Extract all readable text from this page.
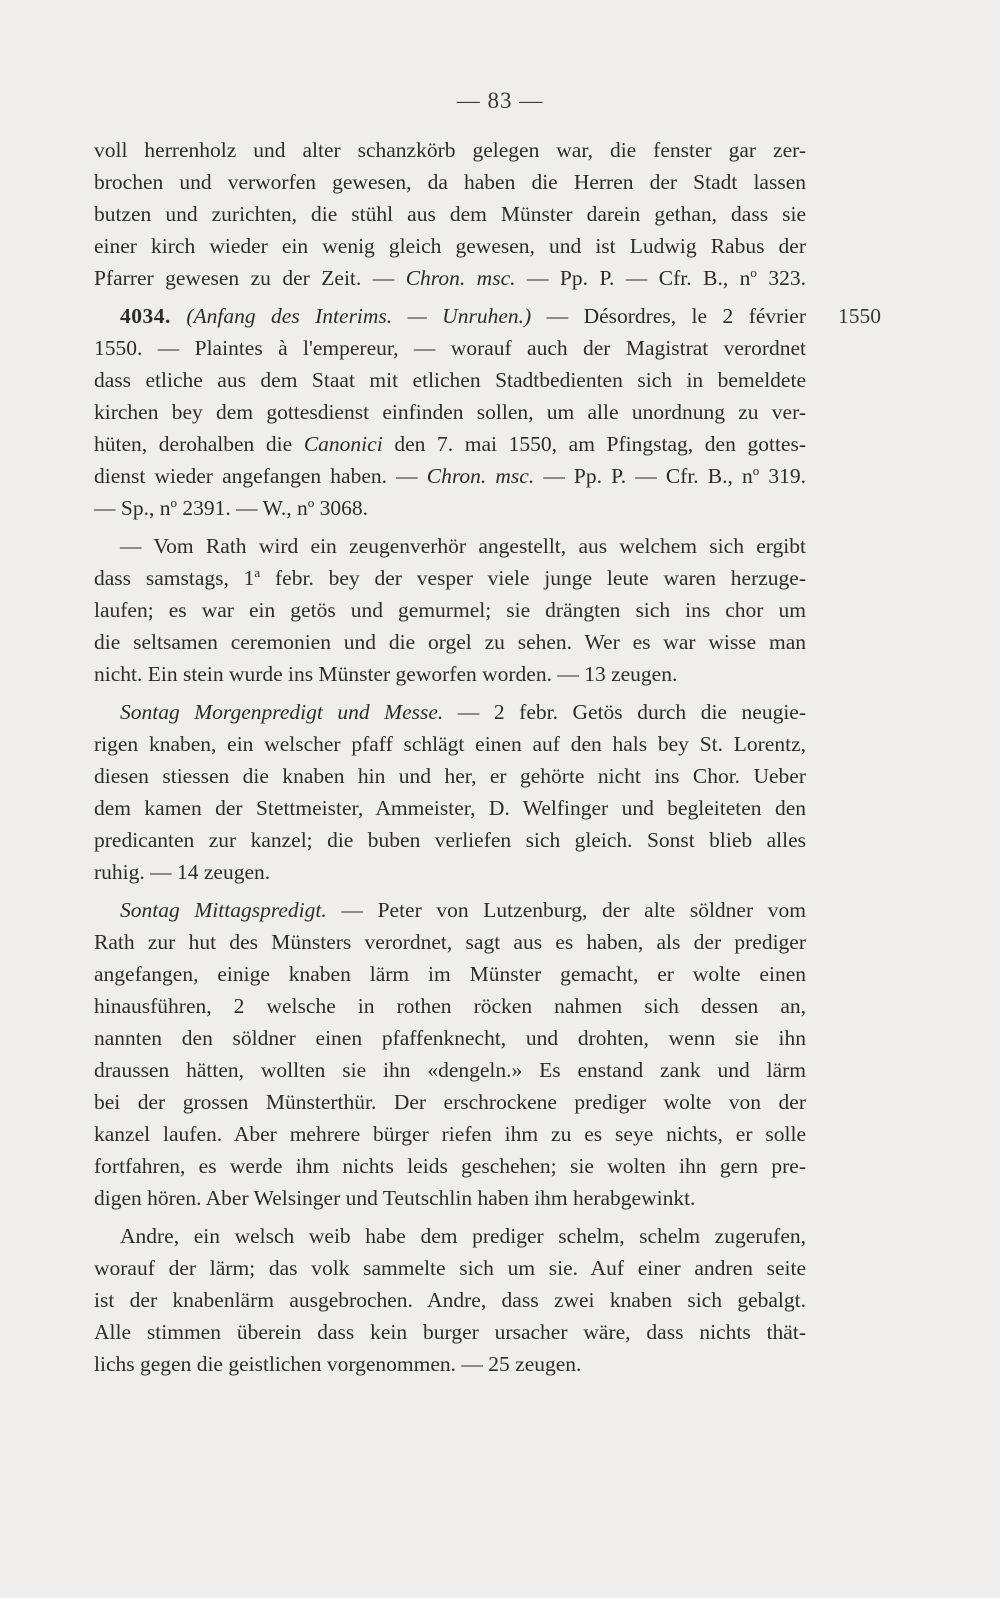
— 83 —
1550
voll herrenholz und alter schanzkörb gelegen war, die fenster gar zer-
brochen und verworfen gewesen, da haben die Herren der Stadt lassen
butzen und zurichten, die stühl aus dem Münster darein gethan, dass sie
einer kirch wieder ein wenig gleich gewesen, und ist Ludwig Rabus der
Pfarrer gewesen zu der Zeit. — Chron. msc. — Pp. P. — Cfr. B., $n^o$ 323.
4034. (Anfang des Interims. — Unruhen.) — Désordres, le 2 février
1550. — Plaintes à l'empereur, — worauf auch der Magistrat verordnet
dass etliche aus dem Staat mit etlichen Stadtbedienten sich in bemeldete
kirchen bey dem gottesdienst einfinden sollen, um alle unordnung zu ver-
hüten, derohalben die Canonici den 7. mai 1550, am Pfingstag, den gottes-
dienst wieder angefangen haben. — Chron. msc. — Pp. P. — Cfr. B., $n^o$ 319.
— Sp., $n^o$ 2391. — W., $n^o$ 3068.
— Vom Rath wird ein zeugenverhör angestellt, aus welchem sich ergibt
dass samstags, 1$^a$ febr. bey der vesper viele junge leute waren herzuge-
laufen; es war ein getös und gemurmel; sie drängten sich ins chor um
die seltsamen ceremonien und die orgel zu sehen. Wer es war wisse man
nicht. Ein stein wurde ins Münster geworfen worden. — 13 zeugen.
Sontag Morgenpredigt und Messe. — 2 febr. Getös durch die neugie-
rigen knaben, ein welscher pfaff schlägt einen auf den hals bey St. Lorentz,
diesen stiessen die knaben hin und her, er gehörte nicht ins Chor. Ueber
dem kamen der Stettmeister, Ammeister, D. Welfinger und begleiteten den
predicanten zur kanzel; die buben verliefen sich gleich. Sonst blieb alles
ruhig. — 14 zeugen.
Sontag Mittagspredigt. — Peter von Lutzenburg, der alte söldner vom
Rath zur hut des Münsters verordnet, sagt aus es haben, als der prediger
angefangen, einige knaben lärm im Münster gemacht, er wolte einen
hinausführen, 2 welsche in rothen röcken nahmen sich dessen an,
nannten den söldner einen pfaffenknecht, und drohten, wenn sie ihn
draussen hätten, wollten sie ihn «dengeln.» Es enstand zank und lärm
bei der grossen Münsterthür. Der erschrockene prediger wolte von der
kanzel laufen. Aber mehrere bürger riefen ihm zu es seye nichts, er solle
fortfahren, es werde ihm nichts leids geschehen; sie wolten ihn gern pre-
digen hören. Aber Welsinger und Teutschlin haben ihm herabgewinkt.
Andre, ein welsch weib habe dem prediger schelm, schelm zugerufen,
worauf der lärm; das volk sammelte sich um sie. Auf einer andren seite
ist der knabenlärm ausgebrochen. Andre, dass zwei knaben sich gebalgt.
Alle stimmen überein dass kein burger ursacher wäre, dass nichts thät-
lichs gegen die geistlichen vorgenommen. — 25 zeugen.
